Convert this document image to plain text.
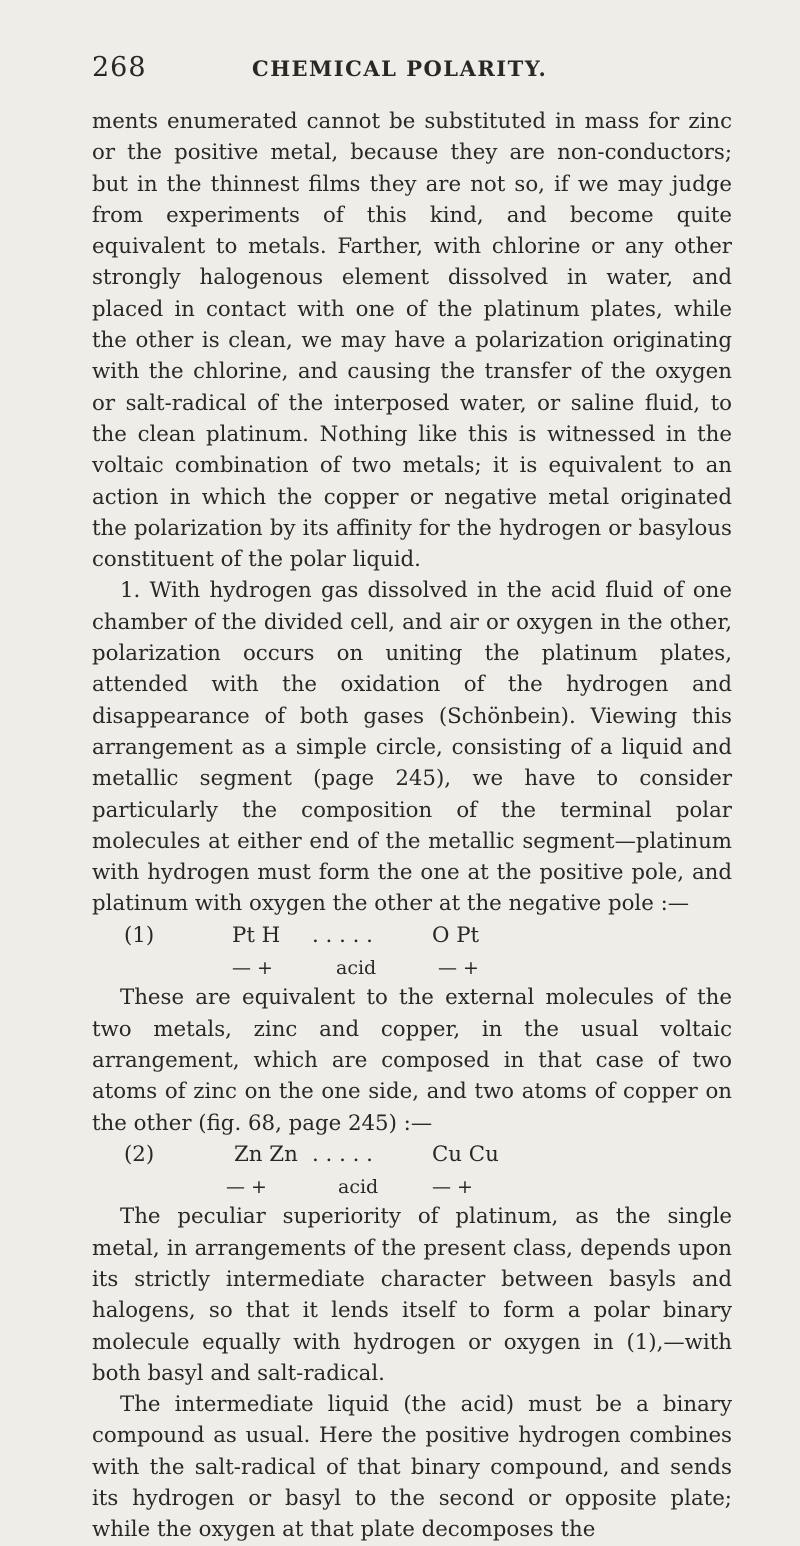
268	CHEMICAL POLARITY.

ments enumerated cannot be substituted in mass for zinc or the positive metal, because they are non-conductors; but in the thinnest films they are not so, if we may judge from experiments of this kind, and become quite equivalent to metals. Farther, with chlorine or any other strongly halogenous element dissolved in water, and placed in contact with one of the platinum plates, while the other is clean, we may have a polarization originating with the chlorine, and causing the transfer of the oxygen or salt-radical of the interposed water, or saline fluid, to the clean platinum. Nothing like this is witnessed in the voltaic combination of two metals; it is equivalent to an action in which the copper or negative metal originated the polarization by its affinity for the hydrogen or basylous constituent of the polar liquid.

1. With hydrogen gas dissolved in the acid fluid of one chamber of the divided cell, and air or oxygen in the other, polarization occurs on uniting the platinum plates, attended with the oxidation of the hydrogen and disappearance of both gases (Schönbein). Viewing this arrangement as a simple circle, consisting of a liquid and metallic segment (page 245), we have to consider particularly the composition of the terminal polar molecules at either end of the metallic segment—platinum with hydrogen must form the one at the positive pole, and platinum with oxygen the other at the negative pole :—

(1)	Pt H . . . . .	O Pt
— +	acid	— +

These are equivalent to the external molecules of the two metals, zinc and copper, in the usual voltaic arrangement, which are composed in that case of two atoms of zinc on the one side, and two atoms of copper on the other (fig. 68, page 245) :—

(2)	Zn Zn . . . . .	Cu Cu
— +	acid	— +

The peculiar superiority of platinum, as the single metal, in arrangements of the present class, depends upon its strictly intermediate character between basyls and halogens, so that it lends itself to form a polar binary molecule equally with hydrogen or oxygen in (1),—with both basyl and salt-radical.

The intermediate liquid (the acid) must be a binary compound as usual. Here the positive hydrogen combines with the salt-radical of that binary compound, and sends its hydrogen or basyl to the second or opposite plate; while the oxygen at that plate decomposes the
